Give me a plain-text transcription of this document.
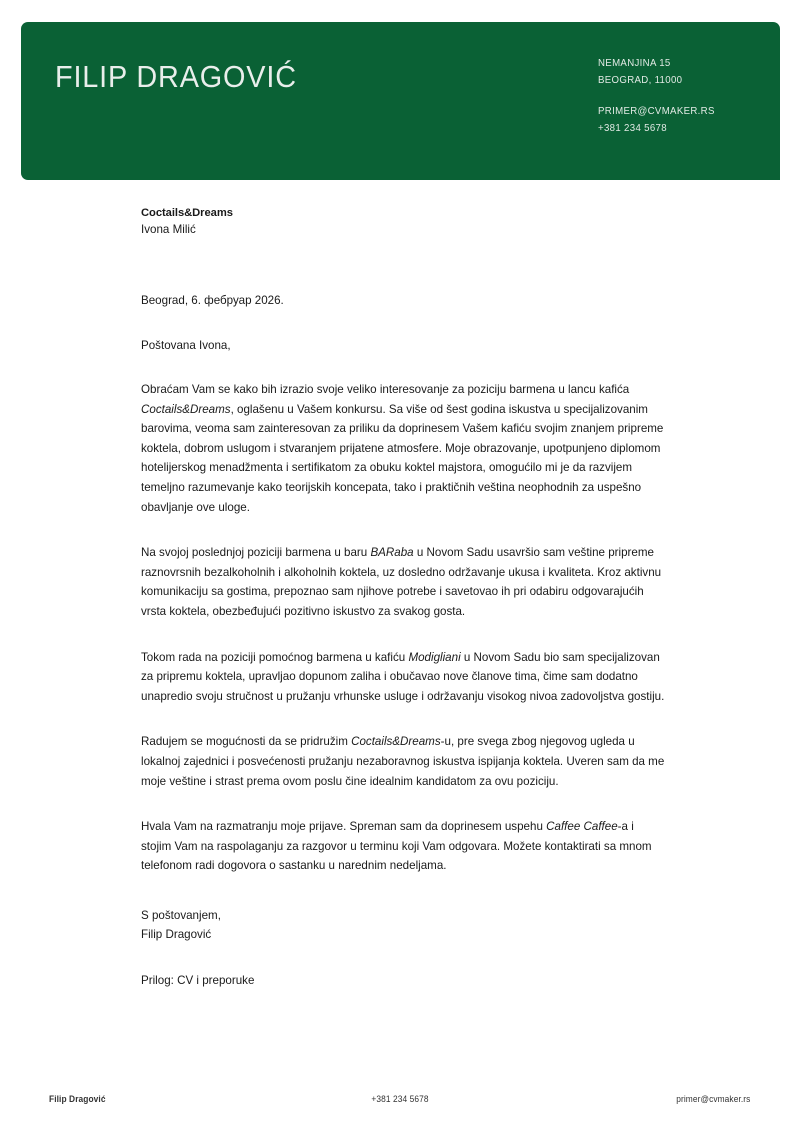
FILIP DRAGOVIĆ	NEMANJINA 15
BEOGRAD, 11000
PRIMER@CVMAKER.RS
+381 234 5678
Coctails&Dreams
Ivona Milić
Beograd, 6. фебруар 2026.
Poštovana Ivona,
Obraćam Vam se kako bih izrazio svoje veliko interesovanje za poziciju barmena u lancu kafića Coctails&Dreams, oglašenu u Vašem konkursu. Sa više od šest godina iskustva u specijalizovanim barovima, veoma sam zainteresovan za priliku da doprinesem Vašem kafiću svojim znanjem pripreme koktela, dobrom uslugom i stvaranjem prijatene atmosfere. Moje obrazovanje, upotpunjeno diplomom hotelijerskog menadžmenta i sertifikatom za obuku koktel majstora, omogućilo mi je da razvijem temeljno razumevanje kako teorijskih koncepata, tako i praktičnih veština neophodnih za uspešno obavljanje ove uloge.
Na svojoj poslednjoj poziciji barmena u baru BARaba u Novom Sadu usavršio sam veštine pripreme raznovrsnih bezalkoholnih i alkoholnih koktela, uz dosledno održavanje ukusa i kvaliteta. Kroz aktivnu komunikaciju sa gostima, prepoznao sam njihove potrebe i savetovao ih pri odabiru odgovarajućih vrsta koktela, obezbeđujući pozitivno iskustvo za svakog gosta.
Tokom rada na poziciji pomoćnog barmena u kafiću Modigliani u Novom Sadu bio sam specijalizovan za pripremu koktela, upravljao dopunom zaliha i obučavao nove članove tima, čime sam dodatno unapredio svoju stručnost u pružanju vrhunske usluge i održavanju visokog nivoa zadovoljstva gostiju.
Radujem se mogućnosti da se pridružim Coctails&Dreams-u, pre svega zbog njegovog ugleda u lokalnoj zajednici i posvećenosti pružanju nezaboravnog iskustva ispijanja koktela. Uveren sam da me moje veštine i strast prema ovom poslu čine idealnim kandidatom za ovu poziciju.
Hvala Vam na razmatranju moje prijave. Spreman sam da doprinesem uspehu Caffee Caffee-a i stojim Vam na raspolaganju za razgovor u terminu koji Vam odgovara. Možete kontaktirati sa mnom telefonom radi dogovora o sastanku u narednim nedeljama.
S poštovanjem,
Filip Dragović
Prilog: CV i preporuke
Filip Dragović	+381 234 5678	primer@cvmaker.rs
